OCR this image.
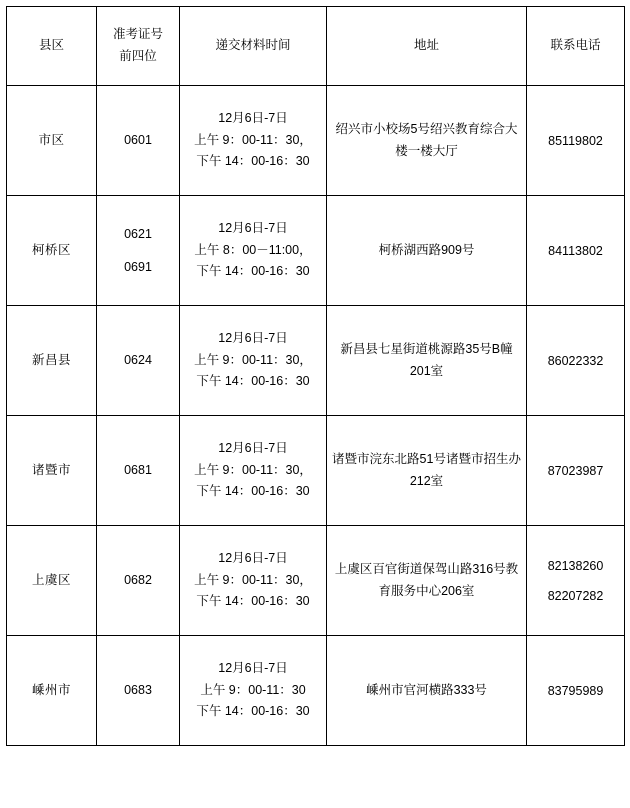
县区	准考证号
前四位	递交材料时间	地址	联系电话

市区	0601	12月6日-7日
上午 9：00-11：30，
下午 14：00-16：30	绍兴市小校场5号绍兴教育综合大楼一楼大厅	85119802

柯桥区	0621
0691	12月6日-7日
上午 8：00－11:00，
下午 14：00-16：30	柯桥湖西路909号	84113802

新昌县	0624	12月6日-7日
上午 9：00-11：30，
下午 14：00-16：30	新昌县七星街道桃源路35号B幢201室	86022332

诸暨市	0681	12月6日-7日
上午 9：00-11：30，
下午 14：00-16：30	诸暨市浣东北路51号诸暨市招生办212室	87023987

上虞区	0682	12月6日-7日
上午 9：00-11：30，
下午 14：00-16：30	上虞区百官街道保驾山路316号教育服务中心206室	82138260
82207282

嵊州市	0683	12月6日-7日
上午 9：00-11：30
下午 14：00-16：30	嵊州市官河横路333号	83795989
